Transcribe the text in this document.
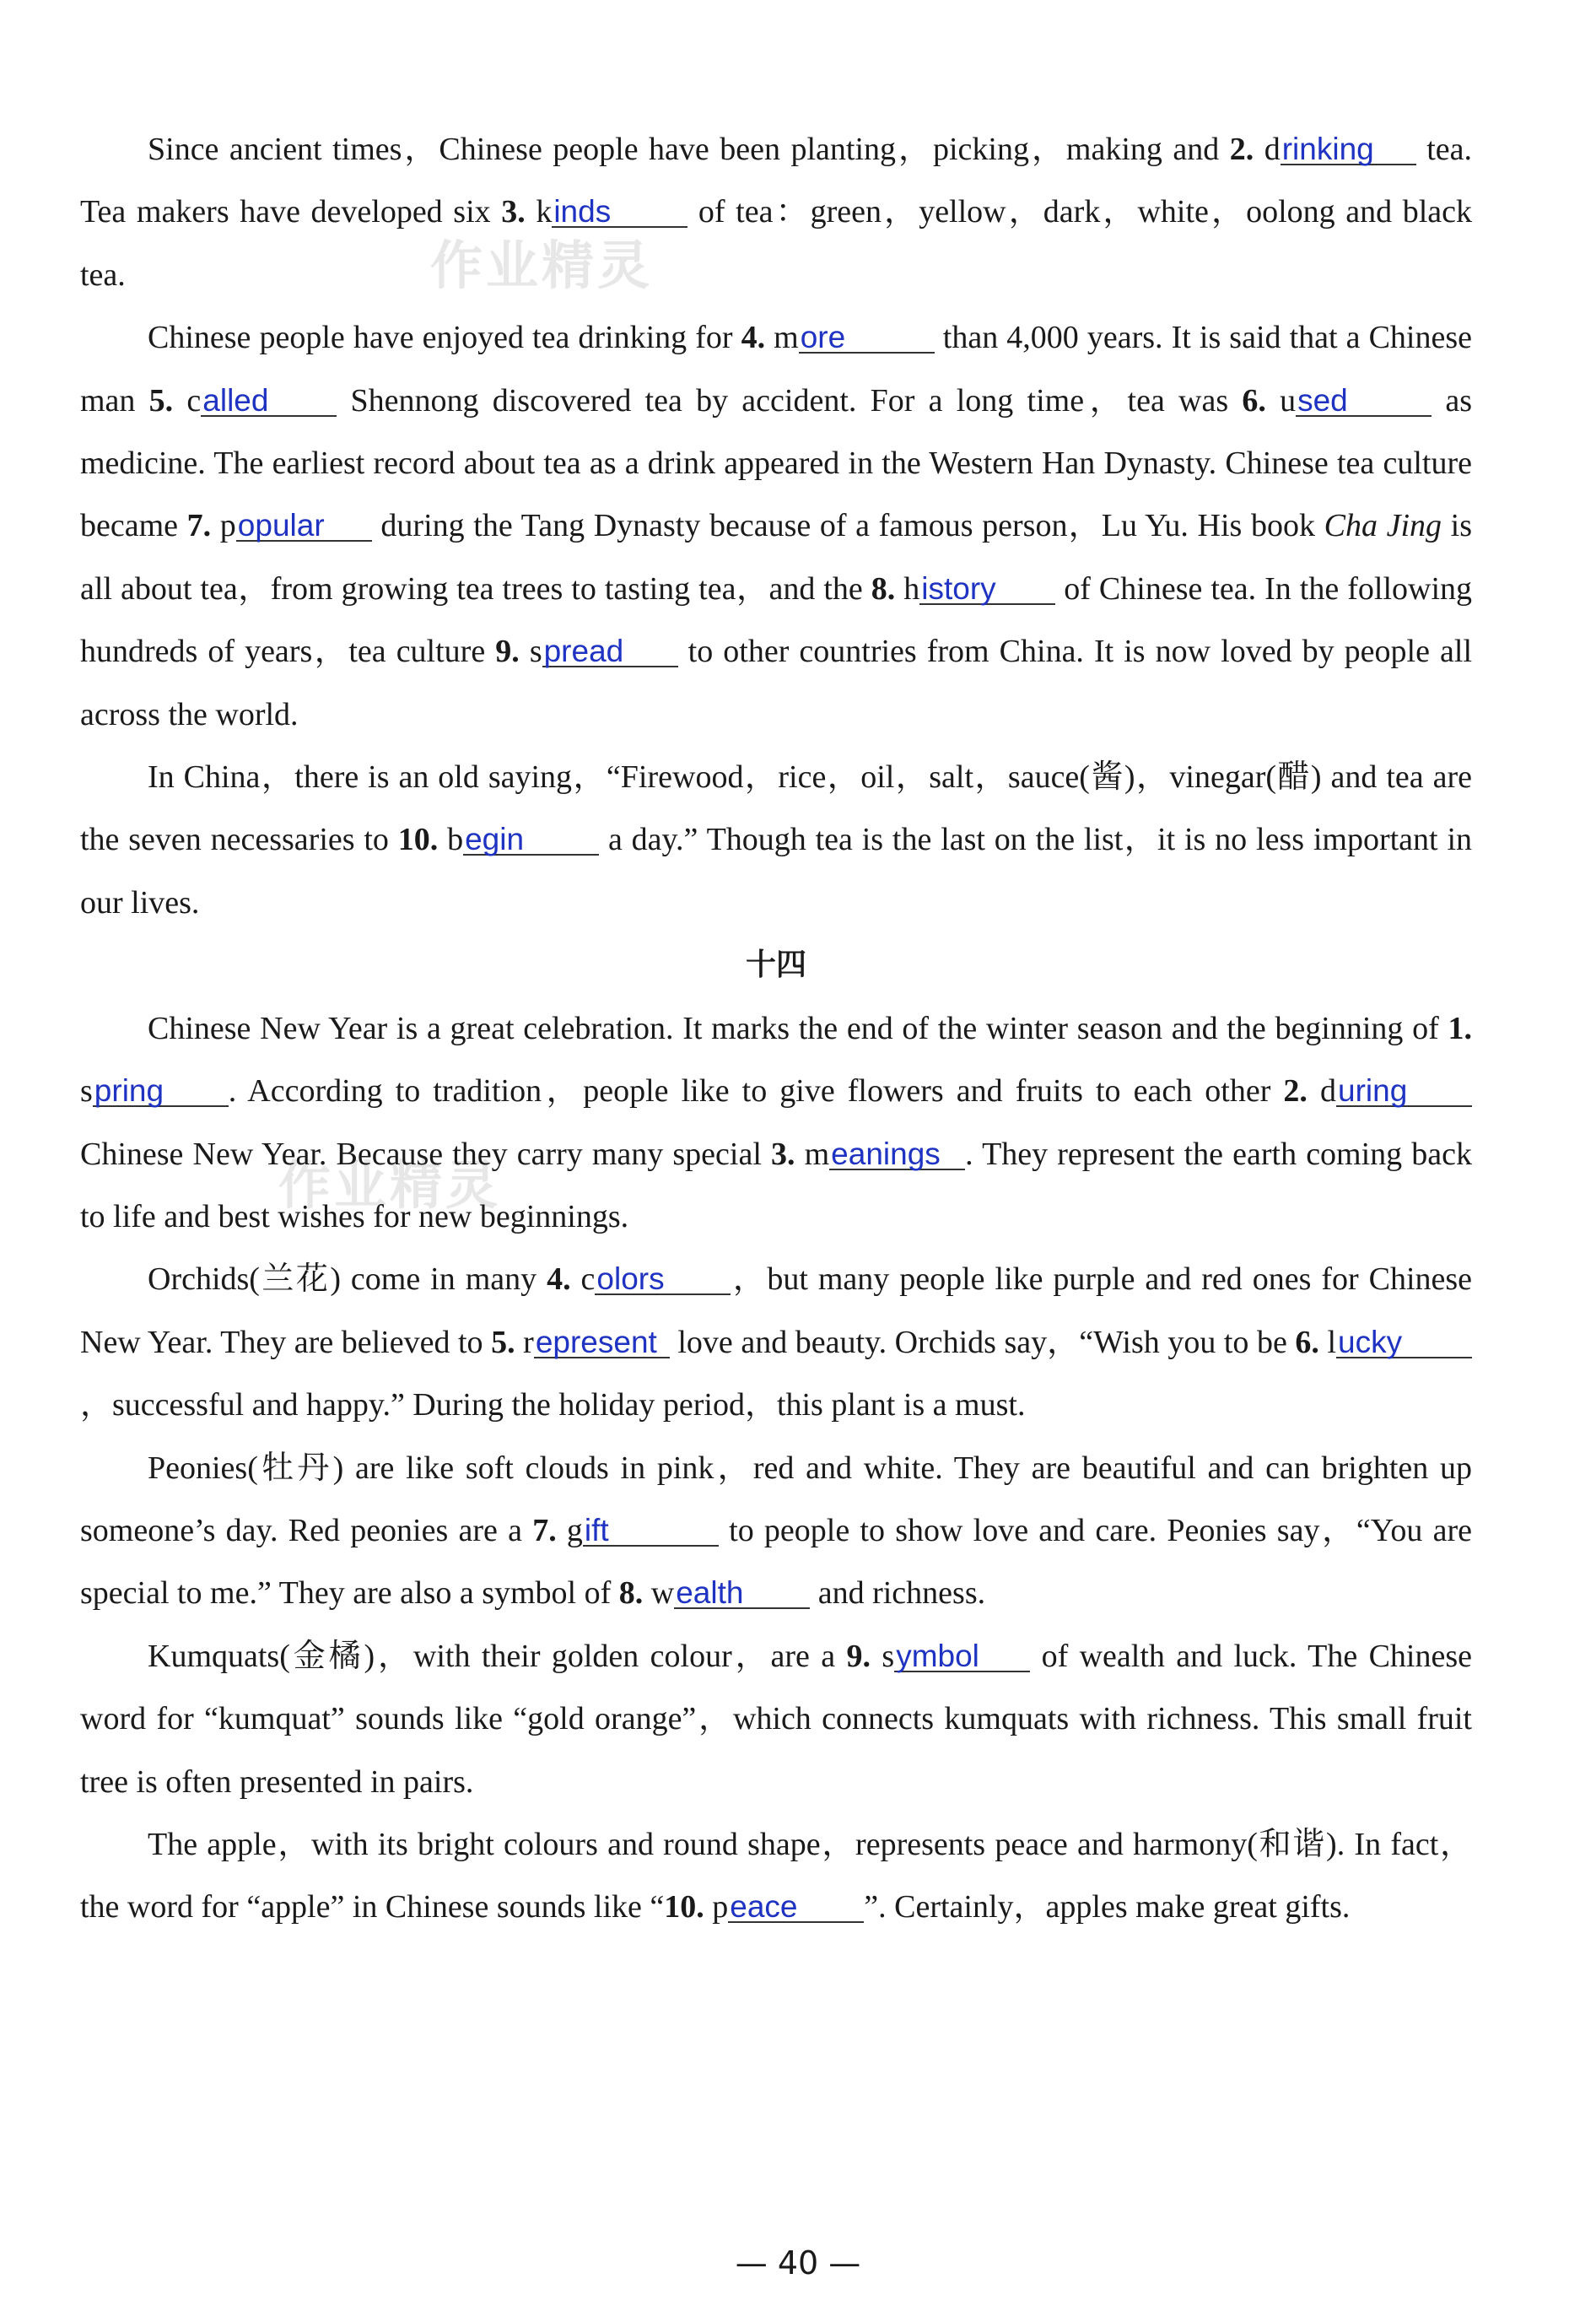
作业精灵
作业精灵

Since ancient times，Chinese people have been planting，picking，making and 2. drinking tea. Tea makers have developed six 3. kinds of tea：green，yellow，dark，white，oolong and black tea.

Chinese people have enjoyed tea drinking for 4. more	than 4,000 years. It is said that a Chinese man 5. called Shennong discovered tea by accident. For a long time，tea was 6. used	as medicine. The earliest record about tea as a drink appeared in the Western Han Dynasty. Chinese tea culture became 7. popular during the Tang Dynasty because of a famous person，Lu Yu. His book Cha Jing is all about tea，from growing tea trees to tasting tea，and the 8. history of Chinese tea. In the following hundreds of years，tea culture 9. spread to other countries from China. It is now loved by people all across the world.

In China，there is an old saying，“Firewood，rice，oil，salt，sauce(酱)，vinegar(醋) and tea are the seven necessaries to 10. begin a day.” Though tea is the last on the list，it is no less important in our lives.

十四

Chinese New Year is a great celebration. It marks the end of the winter season and the beginning of 1. spring . According to tradition，people like to give flowers and fruits to each other 2. during Chinese New Year. Because they carry many special 3. meanings . They represent the earth coming back to life and best wishes for new beginnings.

Orchids(兰花) come in many 4. colors ，but many people like purple and red ones for Chinese New Year. They are believed to 5. represent love and beauty. Orchids say，“Wish you to be 6. lucky，successful and happy.” During the holiday period，this plant is a must.

Peonies(牡丹) are like soft clouds in pink，red and white. They are beautiful and can brighten up someone’s day. Red peonies are a 7. gift	to people to show love and care. Peonies say，“You are special to me.” They are also a symbol of 8. wealth and richness.

Kumquats(金橘)，with their golden colour，are a 9. symbol of wealth and luck. The Chinese word for “kumquat” sounds like “gold orange”，which connects kumquats with richness. This small fruit tree is often presented in pairs.

The apple，with its bright colours and round shape，represents peace and harmony(和谐). In fact，the word for “apple” in Chinese sounds like “10. peace ”. Certainly，apples make great gifts.

— 40 —
